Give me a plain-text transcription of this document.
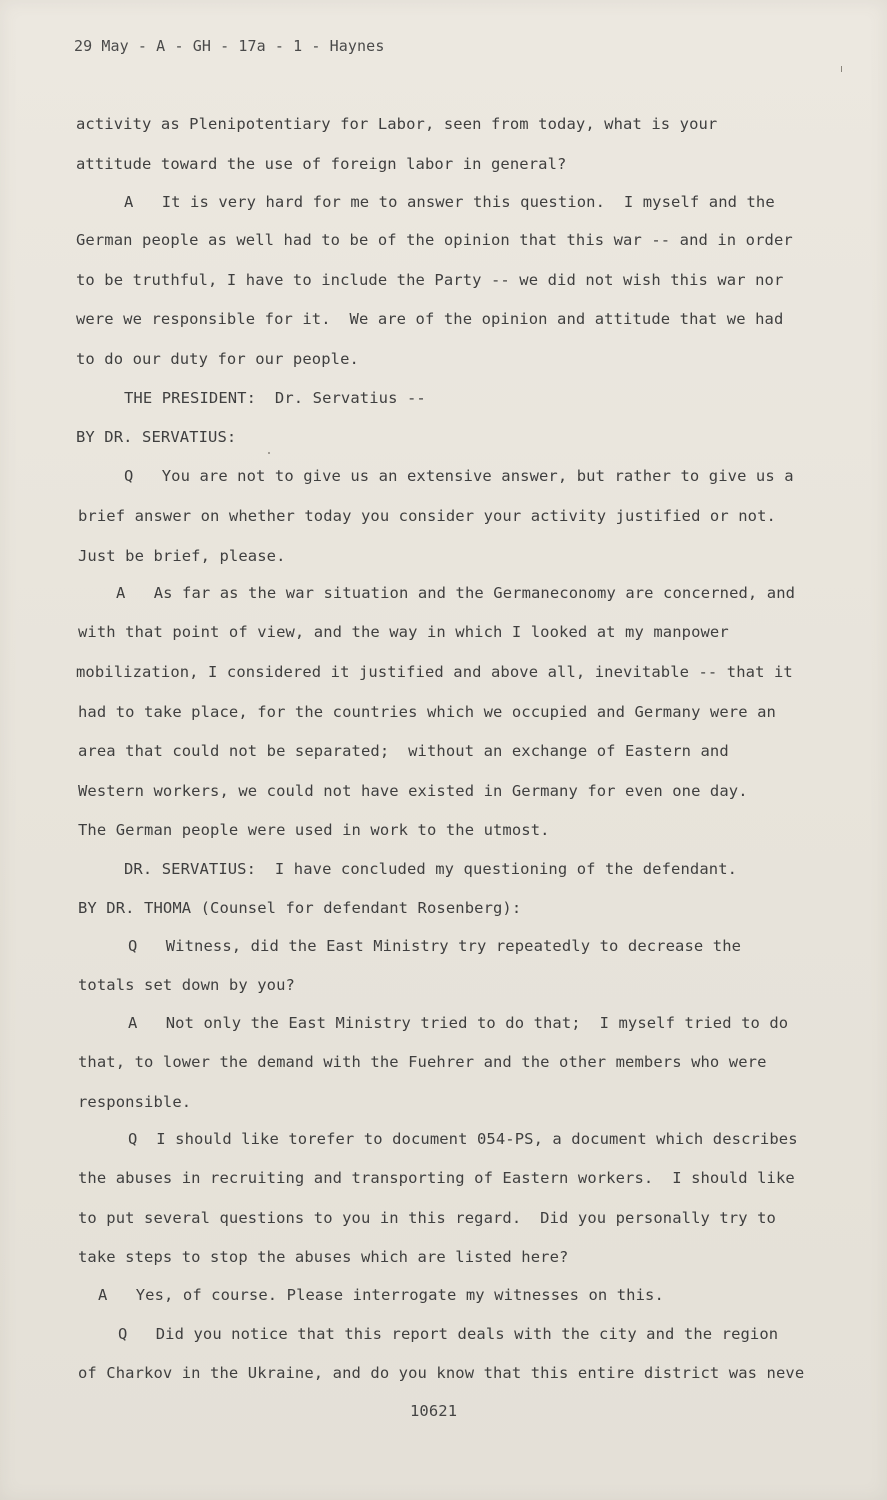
29 May - A - GH - 17a - 1 - Haynes
activity as Plenipotentiary for Labor, seen from today, what is your
attitude toward the use of foreign labor in general?
A   It is very hard for me to answer this question.  I myself and the
German people as well had to be of the opinion that this war -- and in order
to be truthful, I have to include the Party -- we did not wish this war nor
were we responsible for it.  We are of the opinion and attitude that we had
to do our duty for our people.
THE PRESIDENT:  Dr. Servatius --
BY DR. SERVATIUS:
Q   You are not to give us an extensive answer, but rather to give us a
brief answer on whether today you consider your activity justified or not.
Just be brief, please.
A   As far as the war situation and the Germaneconomy are concerned, and
with that point of view, and the way in which I looked at my manpower
mobilization, I considered it justified and above all, inevitable -- that it
had to take place, for the countries which we occupied and Germany were an
area that could not be separated;  without an exchange of Eastern and
Western workers, we could not have existed in Germany for even one day.
The German people were used in work to the utmost.
DR. SERVATIUS:  I have concluded my questioning of the defendant.
BY DR. THOMA (Counsel for defendant Rosenberg):
Q   Witness, did the East Ministry try repeatedly to decrease the
totals set down by you?
A   Not only the East Ministry tried to do that;  I myself tried to do
that, to lower the demand with the Fuehrer and the other members who were
responsible.
Q  I should like torefer to document 054-PS, a document which describes
the abuses in recruiting and transporting of Eastern workers.  I should like
to put several questions to you in this regard.  Did you personally try to
take steps to stop the abuses which are listed here?
A   Yes, of course. Please interrogate my witnesses on this.
Q   Did you notice that this report deals with the city and the region
of Charkov in the Ukraine, and do you know that this entire district was neve
10621
